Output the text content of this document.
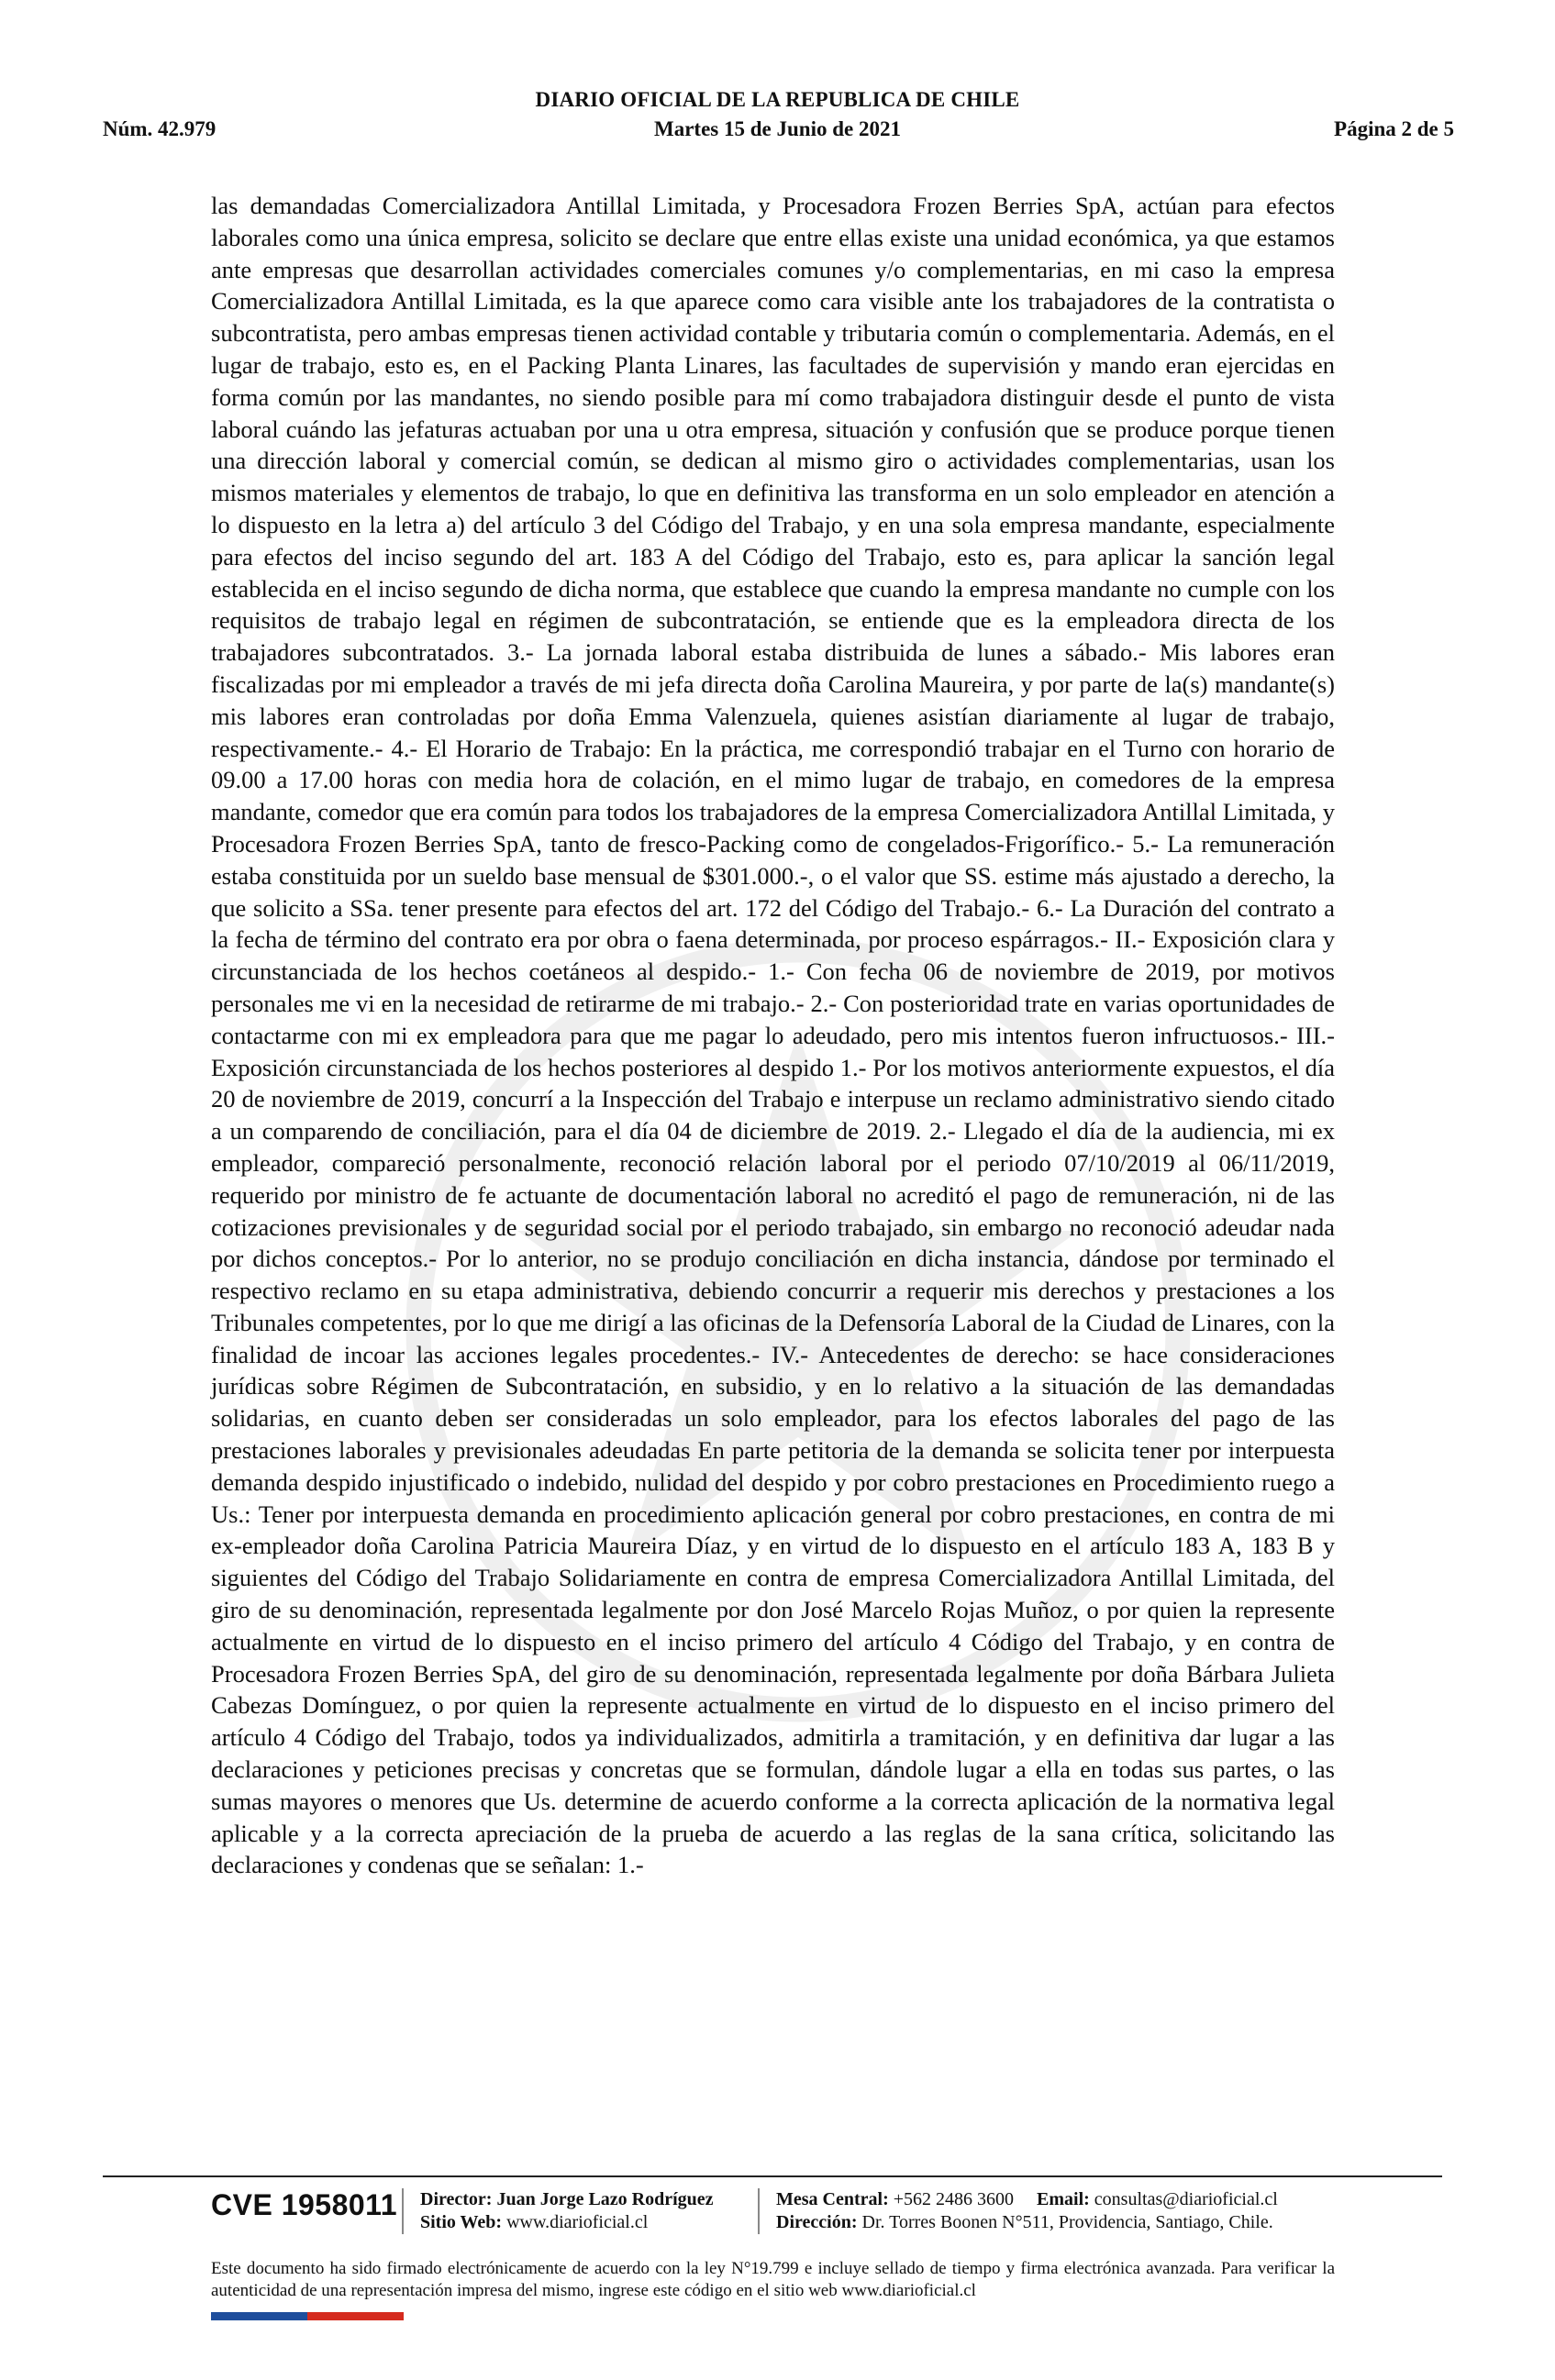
DIARIO OFICIAL DE LA REPUBLICA DE CHILE
Núm. 42.979	Martes 15 de Junio de 2021	Página 2 de 5
las demandadas Comercializadora Antillal Limitada, y Procesadora Frozen Berries SpA, actúan para efectos laborales como una única empresa, solicito se declare que entre ellas existe una unidad económica, ya que estamos ante empresas que desarrollan actividades comerciales comunes y/o complementarias, en mi caso la empresa Comercializadora Antillal Limitada, es la que aparece como cara visible ante los trabajadores de la contratista o subcontratista, pero ambas empresas tienen actividad contable y tributaria común o complementaria. Además, en el lugar de trabajo, esto es, en el Packing Planta Linares, las facultades de supervisión y mando eran ejercidas en forma común por las mandantes, no siendo posible para mí como trabajadora distinguir desde el punto de vista laboral cuándo las jefaturas actuaban por una u otra empresa, situación y confusión que se produce porque tienen una dirección laboral y comercial común, se dedican al mismo giro o actividades complementarias, usan los mismos materiales y elementos de trabajo, lo que en definitiva las transforma en un solo empleador en atención a lo dispuesto en la letra a) del artículo 3 del Código del Trabajo, y en una sola empresa mandante, especialmente para efectos del inciso segundo del art. 183 A del Código del Trabajo, esto es, para aplicar la sanción legal establecida en el inciso segundo de dicha norma, que establece que cuando la empresa mandante no cumple con los requisitos de trabajo legal en régimen de subcontratación, se entiende que es la empleadora directa de los trabajadores subcontratados. 3.- La jornada laboral estaba distribuida de lunes a sábado.- Mis labores eran fiscalizadas por mi empleador a través de mi jefa directa doña Carolina Maureira, y por parte de la(s) mandante(s) mis labores eran controladas por doña Emma Valenzuela, quienes asistían diariamente al lugar de trabajo, respectivamente.- 4.- El Horario de Trabajo: En la práctica, me correspondió trabajar en el Turno con horario de 09.00 a 17.00 horas con media hora de colación, en el mimo lugar de trabajo, en comedores de la empresa mandante, comedor que era común para todos los trabajadores de la empresa Comercializadora Antillal Limitada, y Procesadora Frozen Berries SpA, tanto de fresco-Packing como de congelados-Frigorífico.- 5.- La remuneración estaba constituida por un sueldo base mensual de $301.000.-, o el valor que SS. estime más ajustado a derecho, la que solicito a SSa. tener presente para efectos del art. 172 del Código del Trabajo.- 6.- La Duración del contrato a la fecha de término del contrato era por obra o faena determinada, por proceso espárragos.- II.- Exposición clara y circunstanciada de los hechos coetáneos al despido.- 1.- Con fecha 06 de noviembre de 2019, por motivos personales me vi en la necesidad de retirarme de mi trabajo.- 2.- Con posterioridad trate en varias oportunidades de contactarme con mi ex empleadora para que me pagar lo adeudado, pero mis intentos fueron infructuosos.- III.- Exposición circunstanciada de los hechos posteriores al despido 1.- Por los motivos anteriormente expuestos, el día 20 de noviembre de 2019, concurrí a la Inspección del Trabajo e interpuse un reclamo administrativo siendo citado a un comparendo de conciliación, para el día 04 de diciembre de 2019. 2.- Llegado el día de la audiencia, mi ex empleador, compareció personalmente, reconoció relación laboral por el periodo 07/10/2019 al 06/11/2019, requerido por ministro de fe actuante de documentación laboral no acreditó el pago de remuneración, ni de las cotizaciones previsionales y de seguridad social por el periodo trabajado, sin embargo no reconoció adeudar nada por dichos conceptos.- Por lo anterior, no se produjo conciliación en dicha instancia, dándose por terminado el respectivo reclamo en su etapa administrativa, debiendo concurrir a requerir mis derechos y prestaciones a los Tribunales competentes, por lo que me dirigí a las oficinas de la Defensoría Laboral de la Ciudad de Linares, con la finalidad de incoar las acciones legales procedentes.- IV.- Antecedentes de derecho: se hace consideraciones jurídicas sobre Régimen de Subcontratación, en subsidio, y en lo relativo a la situación de las demandadas solidarias, en cuanto deben ser consideradas un solo empleador, para los efectos laborales del pago de las prestaciones laborales y previsionales adeudadas En parte petitoria de la demanda se solicita tener por interpuesta demanda despido injustificado o indebido, nulidad del despido y por cobro prestaciones en Procedimiento ruego a Us.: Tener por interpuesta demanda en procedimiento aplicación general por cobro prestaciones, en contra de mi ex-empleador doña Carolina Patricia Maureira Díaz, y en virtud de lo dispuesto en el artículo 183 A, 183 B y siguientes del Código del Trabajo Solidariamente en contra de empresa Comercializadora Antillal Limitada, del giro de su denominación, representada legalmente por don José Marcelo Rojas Muñoz, o por quien la represente actualmente en virtud de lo dispuesto en el inciso primero del artículo 4 Código del Trabajo, y en contra de Procesadora Frozen Berries SpA, del giro de su denominación, representada legalmente por doña Bárbara Julieta Cabezas Domínguez, o por quien la represente actualmente en virtud de lo dispuesto en el inciso primero del artículo 4 Código del Trabajo, todos ya individualizados, admitirla a tramitación, y en definitiva dar lugar a las declaraciones y peticiones precisas y concretas que se formulan, dándole lugar a ella en todas sus partes, o las sumas mayores o menores que Us. determine de acuerdo conforme a la correcta aplicación de la normativa legal aplicable y a la correcta apreciación de la prueba de acuerdo a las reglas de la sana crítica, solicitando las declaraciones y condenas que se señalan: 1.-
CVE 1958011 Director: Juan Jorge Lazo Rodríguez
Sitio Web: www.diarioficial.cl
Mesa Central: +562 2486 3600 Email: consultas@diarioficial.cl
Dirección: Dr. Torres Boonen N°511, Providencia, Santiago, Chile.
Este documento ha sido firmado electrónicamente de acuerdo con la ley N°19.799 e incluye sellado de tiempo y firma electrónica avanzada. Para verificar la autenticidad de una representación impresa del mismo, ingrese este código en el sitio web www.diarioficial.cl
